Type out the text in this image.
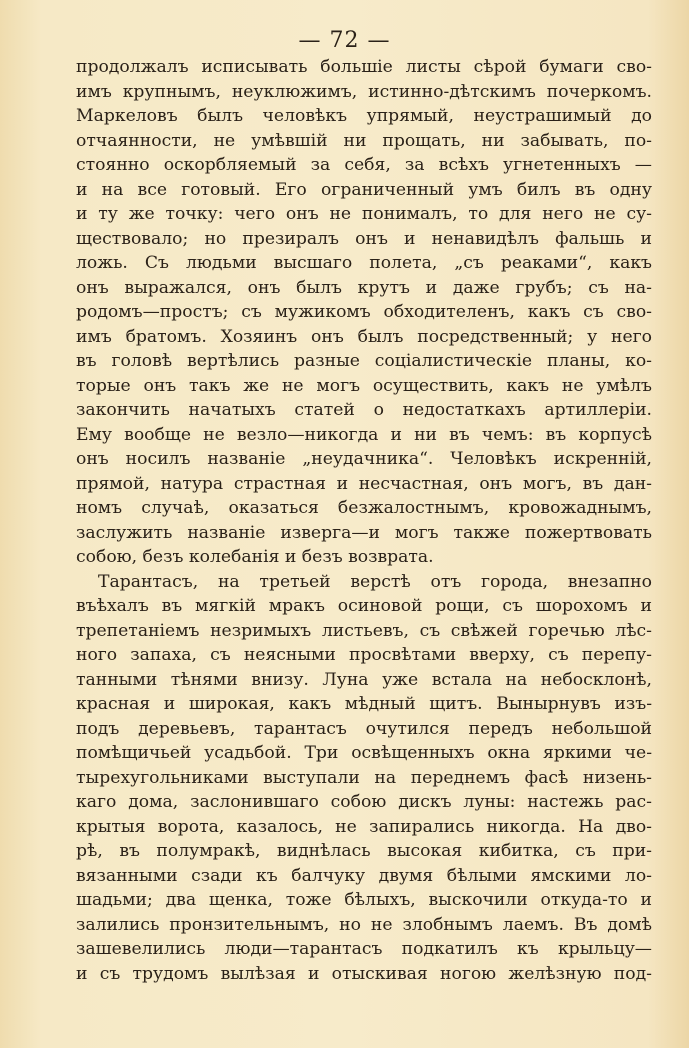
— 72 —
продолжалъ исписывать большіе листы сѣрой бумаги сво-
имъ крупнымъ, неуклюжимъ, истинно-дѣтскимъ почеркомъ.
Маркеловъ былъ человѣкъ упрямый, неустрашимый до
отчаянности, не умѣвшій ни прощать, ни забывать, по-
стоянно оскорбляемый за себя, за всѣхъ угнетенныхъ —
и на все готовый. Его ограниченный умъ билъ въ одну
и ту же точку: чего онъ не понималъ, то для него не су-
ществовало; но презиралъ онъ и ненавидѣлъ фальшь и
ложь. Съ людьми высшаго полета, „съ реаками“, какъ
онъ выражался, онъ былъ крутъ и даже грубъ; съ на-
родомъ—простъ; съ мужикомъ обходителенъ, какъ съ сво-
имъ братомъ. Хозяинъ онъ былъ посредственный; у него
въ головѣ вертѣлись разные соціалистическіе планы, ко-
торые онъ такъ же не могъ осуществить, какъ не умѣлъ
закончить начатыхъ статей о недостаткахъ артиллеріи.
Ему вообще не везло—никогда и ни въ чемъ: въ корпусѣ
онъ носилъ названіе „неудачника“. Человѣкъ искренній,
прямой, натура страстная и несчастная, онъ могъ, въ дан-
номъ случаѣ, оказаться безжалостнымъ, кровожаднымъ,
заслужить названіе изверга—и могъ также пожертвовать
собою, безъ колебанія и безъ возврата.
Тарантасъ, на третьей верстѣ отъ города, внезапно
въѣхалъ въ мягкій мракъ осиновой рощи, съ шорохомъ и
трепетаніемъ незримыхъ листьевъ, съ свѣжей горечью лѣс-
ного запаха, съ неясными просвѣтами вверху, съ перепу-
танными тѣнями внизу. Луна уже встала на небосклонѣ,
красная и широкая, какъ мѣдный щитъ. Вынырнувъ изъ-
подъ деревьевъ, тарантасъ очутился передъ небольшой
помѣщичьей усадьбой. Три освѣщенныхъ окна яркими че-
тырехугольниками выступали на переднемъ фасѣ низень-
каго дома, заслонившаго собою дискъ луны: настежь рас-
крытыя ворота, казалось, не запирались никогда. На дво-
рѣ, въ полумракѣ, виднѣлась высокая кибитка, съ при-
вязанными сзади къ балчуку двумя бѣлыми ямскими ло-
шадьми; два щенка, тоже бѣлыхъ, выскочили откуда-то и
залились пронзительнымъ, но не злобнымъ лаемъ. Въ домѣ
зашевелились люди—тарантасъ подкатилъ къ крыльцу—
и съ трудомъ вылѣзая и отыскивая ногою желѣзную под-
